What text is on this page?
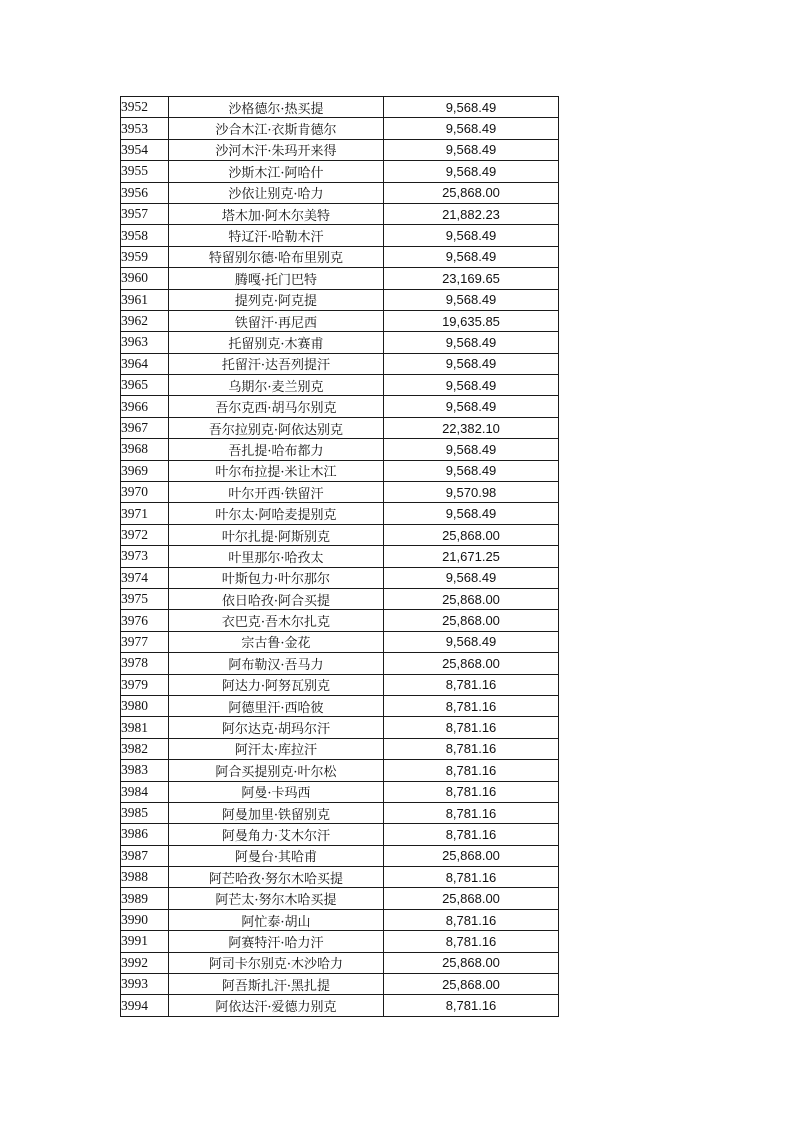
3952	沙格德尔·热买提	9,568.49
3953	沙合木江·衣斯肯德尔	9,568.49
3954	沙河木汗·朱玛开来得	9,568.49
3955	沙斯木江·阿哈什	9,568.49
3956	沙依让别克·哈力	25,868.00
3957	塔木加·阿木尔美特	21,882.23
3958	特辽汗·哈勒木汗	9,568.49
3959	特留别尔德·哈布里别克	9,568.49
3960	腾嘎·托门巴特	23,169.65
3961	提列克·阿克提	9,568.49
3962	铁留汗·再尼西	19,635.85
3963	托留别克·木赛甫	9,568.49
3964	托留汗·达吾列提汗	9,568.49
3965	乌期尔·麦兰别克	9,568.49
3966	吾尔克西·胡马尔别克	9,568.49
3967	吾尔拉别克·阿依达别克	22,382.10
3968	吾扎提·哈布都力	9,568.49
3969	叶尔布拉提·米让木江	9,568.49
3970	叶尔开西·铁留汗	9,570.98
3971	叶尔太·阿哈麦提别克	9,568.49
3972	叶尔扎提·阿斯别克	25,868.00
3973	叶里那尔·哈孜太	21,671.25
3974	叶斯包力·叶尔那尔	9,568.49
3975	依日哈孜·阿合买提	25,868.00
3976	衣巴克·吾木尔扎克	25,868.00
3977	宗古鲁·金花	9,568.49
3978	阿布勒汉·吾马力	25,868.00
3979	阿达力·阿努瓦别克	8,781.16
3980	阿德里汗·西哈彼	8,781.16
3981	阿尔达克·胡玛尔汗	8,781.16
3982	阿汗太·库拉汗	8,781.16
3983	阿合买提别克·叶尔松	8,781.16
3984	阿曼·卡玛西	8,781.16
3985	阿曼加里·铁留别克	8,781.16
3986	阿曼角力·艾木尔汗	8,781.16
3987	阿曼台·其哈甫	25,868.00
3988	阿芒哈孜·努尔木哈买提	8,781.16
3989	阿芒太·努尔木哈买提	25,868.00
3990	阿忙泰·胡山	8,781.16
3991	阿赛特汗·哈力汗	8,781.16
3992	阿司卡尔别克·木沙哈力	25,868.00
3993	阿吾斯扎汗·黑扎提	25,868.00
3994	阿依达汗·爱德力别克	8,781.16
